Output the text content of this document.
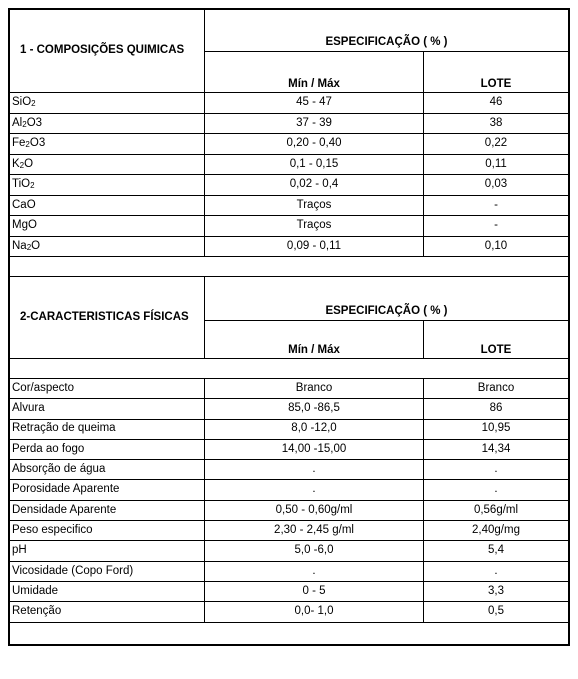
1 - COMPOSIÇÕES QUIMICAS	ESPECIFICAÇÃO ( % )	
	Mín / Máx	LOTE
SiO$_2$	45 - 47	46
$Al_2O3$	37 - 39	38
$Fe_2O3$	0,20 - 0,40	0,22
$K_2O$	0,1 - 0,15	0,11
TiO$_2$	0,02 - 0,4	0,03
CaO	Traços	-
MgO	Traços	-
$Na_2O$	0,09 - 0,11	0,10

2-CARACTERISTICAS FÍSICAS	ESPECIFICAÇÃO ( % )	
	Mín / Máx	LOTE

Cor/aspecto	Branco	Branco
Alvura	85,0 -86,5	86
Retração de queima	8,0 -12,0	10,95
Perda ao fogo	14,00 -15,00	14,34
Absorção de água	.	.
Porosidade Aparente	.	.
Densidade Aparente	0,50 - 0,60g/ml	0,56g/ml
Peso especifico	2,30 - 2,45 g/ml	2,40g/mg
pH	5,0 -6,0	5,4
Vicosidade (Copo Ford)	.	.
Umidade	0 - 5	3,3
Retenção	0,0- 1,0	0,5
